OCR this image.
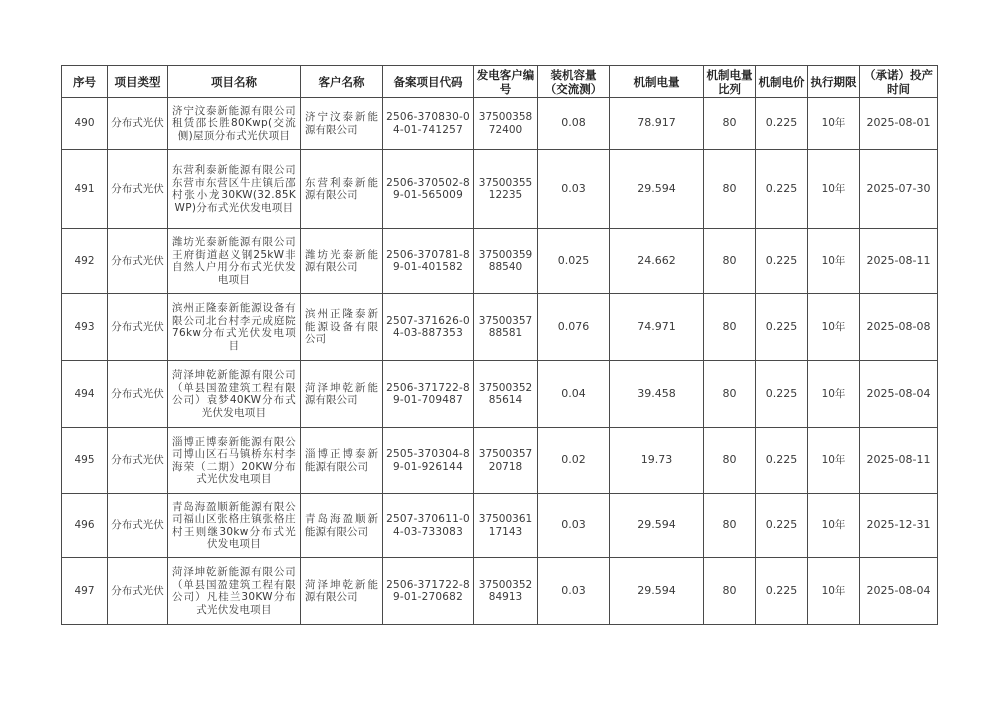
序号	项目类型	项目名称	客户名称	备案项目代码	发电客户编号	装机容量（交流测）	机制电量	机制电量比列	机制电价	执行期限	（承诺）投产时间
490	分布式光伏	济宁汶泰新能源有限公司租赁邵长胜80Kwp(交流侧)屋顶分布式光伏项目	济宁汶泰新能源有限公司	2506-370830-04-01-741257	3750035872400	0.08	78.917	80	0.225	10年	2025-08-01
491	分布式光伏	东营利泰新能源有限公司东营市东营区牛庄镇后邵村张小龙30KW(32.85KWP)分布式光伏发电项目	东营利泰新能源有限公司	2506-370502-89-01-565009	3750035512235	0.03	29.594	80	0.225	10年	2025-07-30
492	分布式光伏	潍坊光泰新能源有限公司王府街道赵义钢25kW非自然人户用分布式光伏发电项目	潍坊光泰新能源有限公司	2506-370781-89-01-401582	3750035988540	0.025	24.662	80	0.225	10年	2025-08-11
493	分布式光伏	滨州正隆泰新能源设备有限公司北台村李元成庭院76kw分布式光伏发电项目	滨州正隆泰新能源设备有限公司	2507-371626-04-03-887353	3750035788581	0.076	74.971	80	0.225	10年	2025-08-08
494	分布式光伏	菏泽坤乾新能源有限公司（单县国盈建筑工程有限公司）袁梦40KW分布式光伏发电项目	菏泽坤乾新能源有限公司	2506-371722-89-01-709487	3750035285614	0.04	39.458	80	0.225	10年	2025-08-04
495	分布式光伏	淄博正博泰新能源有限公司博山区石马镇桥东村李海荣（二期）20KW分布式光伏发电项目	淄博正博泰新能源有限公司	2505-370304-89-01-926144	3750035720718	0.02	19.73	80	0.225	10年	2025-08-11
496	分布式光伏	青岛海盈顺新能源有限公司福山区张格庄镇张格庄村王则继30kw分布式光伏发电项目	青岛海盈顺新能源有限公司	2507-370611-04-03-733083	3750036117143	0.03	29.594	80	0.225	10年	2025-12-31
497	分布式光伏	菏泽坤乾新能源有限公司（单县国盈建筑工程有限公司）凡桂兰30KW分布式光伏发电项目	菏泽坤乾新能源有限公司	2506-371722-89-01-270682	3750035284913	0.03	29.594	80	0.225	10年	2025-08-04
